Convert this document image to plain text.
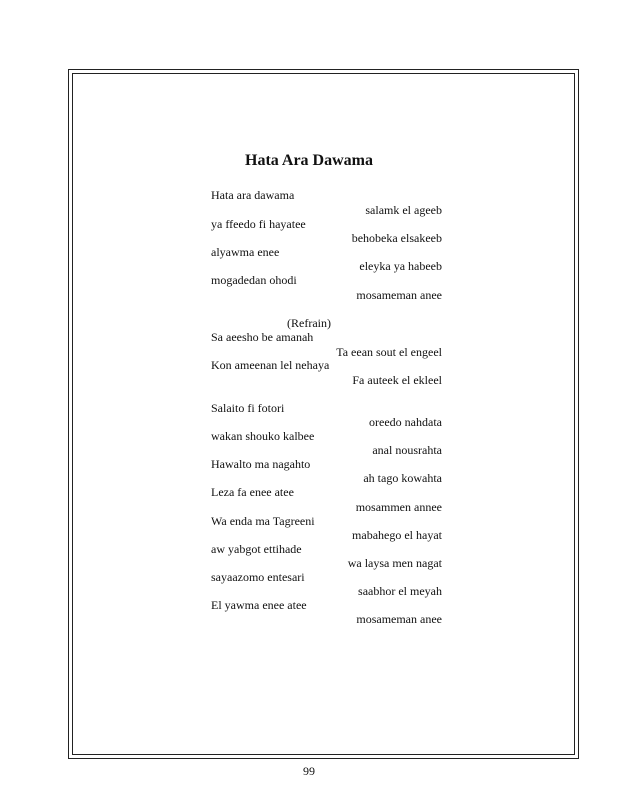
Hata Ara Dawama
Hata ara dawama
salamk el ageeb
ya ffeedo fi hayatee
behobeka elsakeeb
alyawma enee
eleyka ya habeeb
mogadedan ohodi
mosameman anee
(Refrain)
Sa aeesho be amanah
Ta eean sout el engeel
Kon ameenan lel nehaya
Fa auteek el ekleel
Salaito fi fotori
oreedo nahdata
wakan shouko kalbee
anal nousrahta
Hawalto ma nagahto
ah tago kowahta
Leza fa enee atee
mosammen annee
Wa enda ma Tagreeni
mabahego el hayat
aw yabgot ettihade
wa laysa men nagat
sayaazomo entesari
saabhor el meyah
El yawma enee atee
mosameman anee
99
